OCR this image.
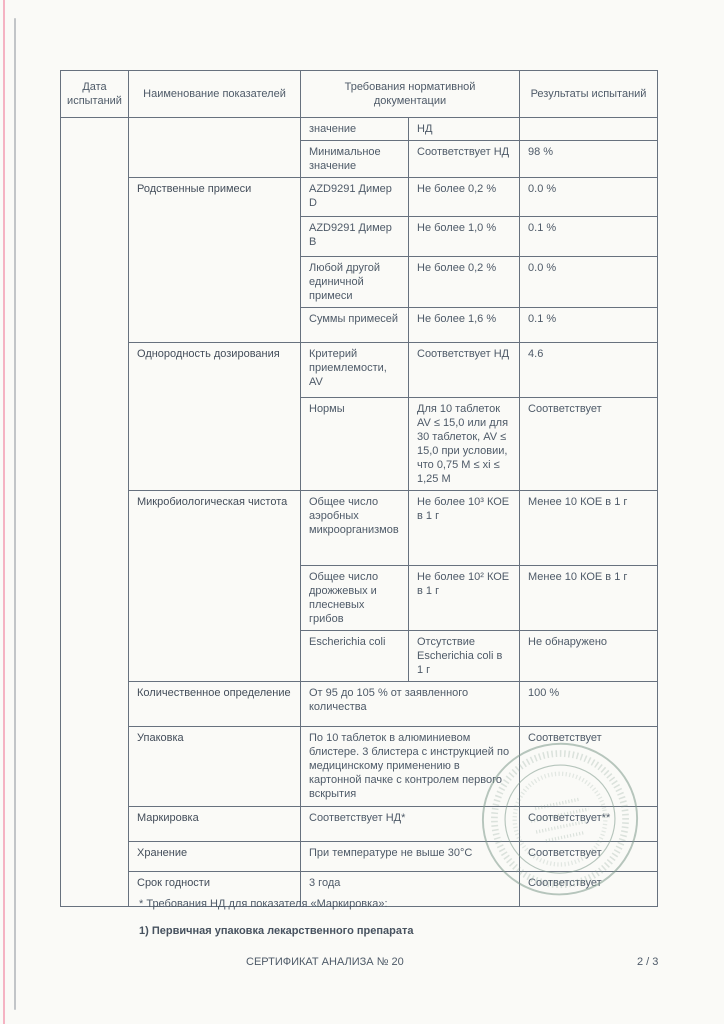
Дата испытаний	Наименование показателей	Требования нормативной документации		Результаты испытаний
		значение	НД	
		Минимальное значение	Соответствует НД	98 %
	Родственные примеси	AZD9291 Димер D	Не более 0,2 %	0.0 %
		AZD9291 Димер B	Не более 1,0 %	0.1 %
		Любой другой единичной примеси	Не более 0,2 %	0.0 %
		Суммы примесей	Не более 1,6 %	0.1 %
	Однородность дозирования	Критерий приемлемости, AV	Соответствует НД	4.6
		Нормы	Для 10 таблеток AV ≤ 15,0 или для 30 таблеток, AV ≤ 15,0 при условии, что 0,75 M ≤ xi ≤ 1,25 M	Соответствует
	Микробиологическая чистота	Общее число аэробных микроорганизмов	Не более 10³ КОЕ в 1 г	Менее 10 КОЕ в 1 г
		Общее число дрожжевых и плесневых грибов	Не более 10² КОЕ в 1 г	Менее 10 КОЕ в 1 г
		Escherichia coli	Отсутствие Escherichia coli в 1 г	Не обнаружено
	Количественное определение	От 95 до 105 % от заявленного количества		100 %
	Упаковка	По 10 таблеток в алюминиевом блистере. 3 блистера с инструкцией по медицинскому применению в картонной пачке с контролем первого вскрытия		Соответствует
	Маркировка	Соответствует НД*		Соответствует**
	Хранение	При температуре не выше 30°C		Соответствует
	Срок годности	3 года		Соответствует
* Требования НД для показателя «Маркировка»:
1) Первичная упаковка лекарственного препарата
СЕРТИФИКАТ АНАЛИЗА № 20	2 / 3
